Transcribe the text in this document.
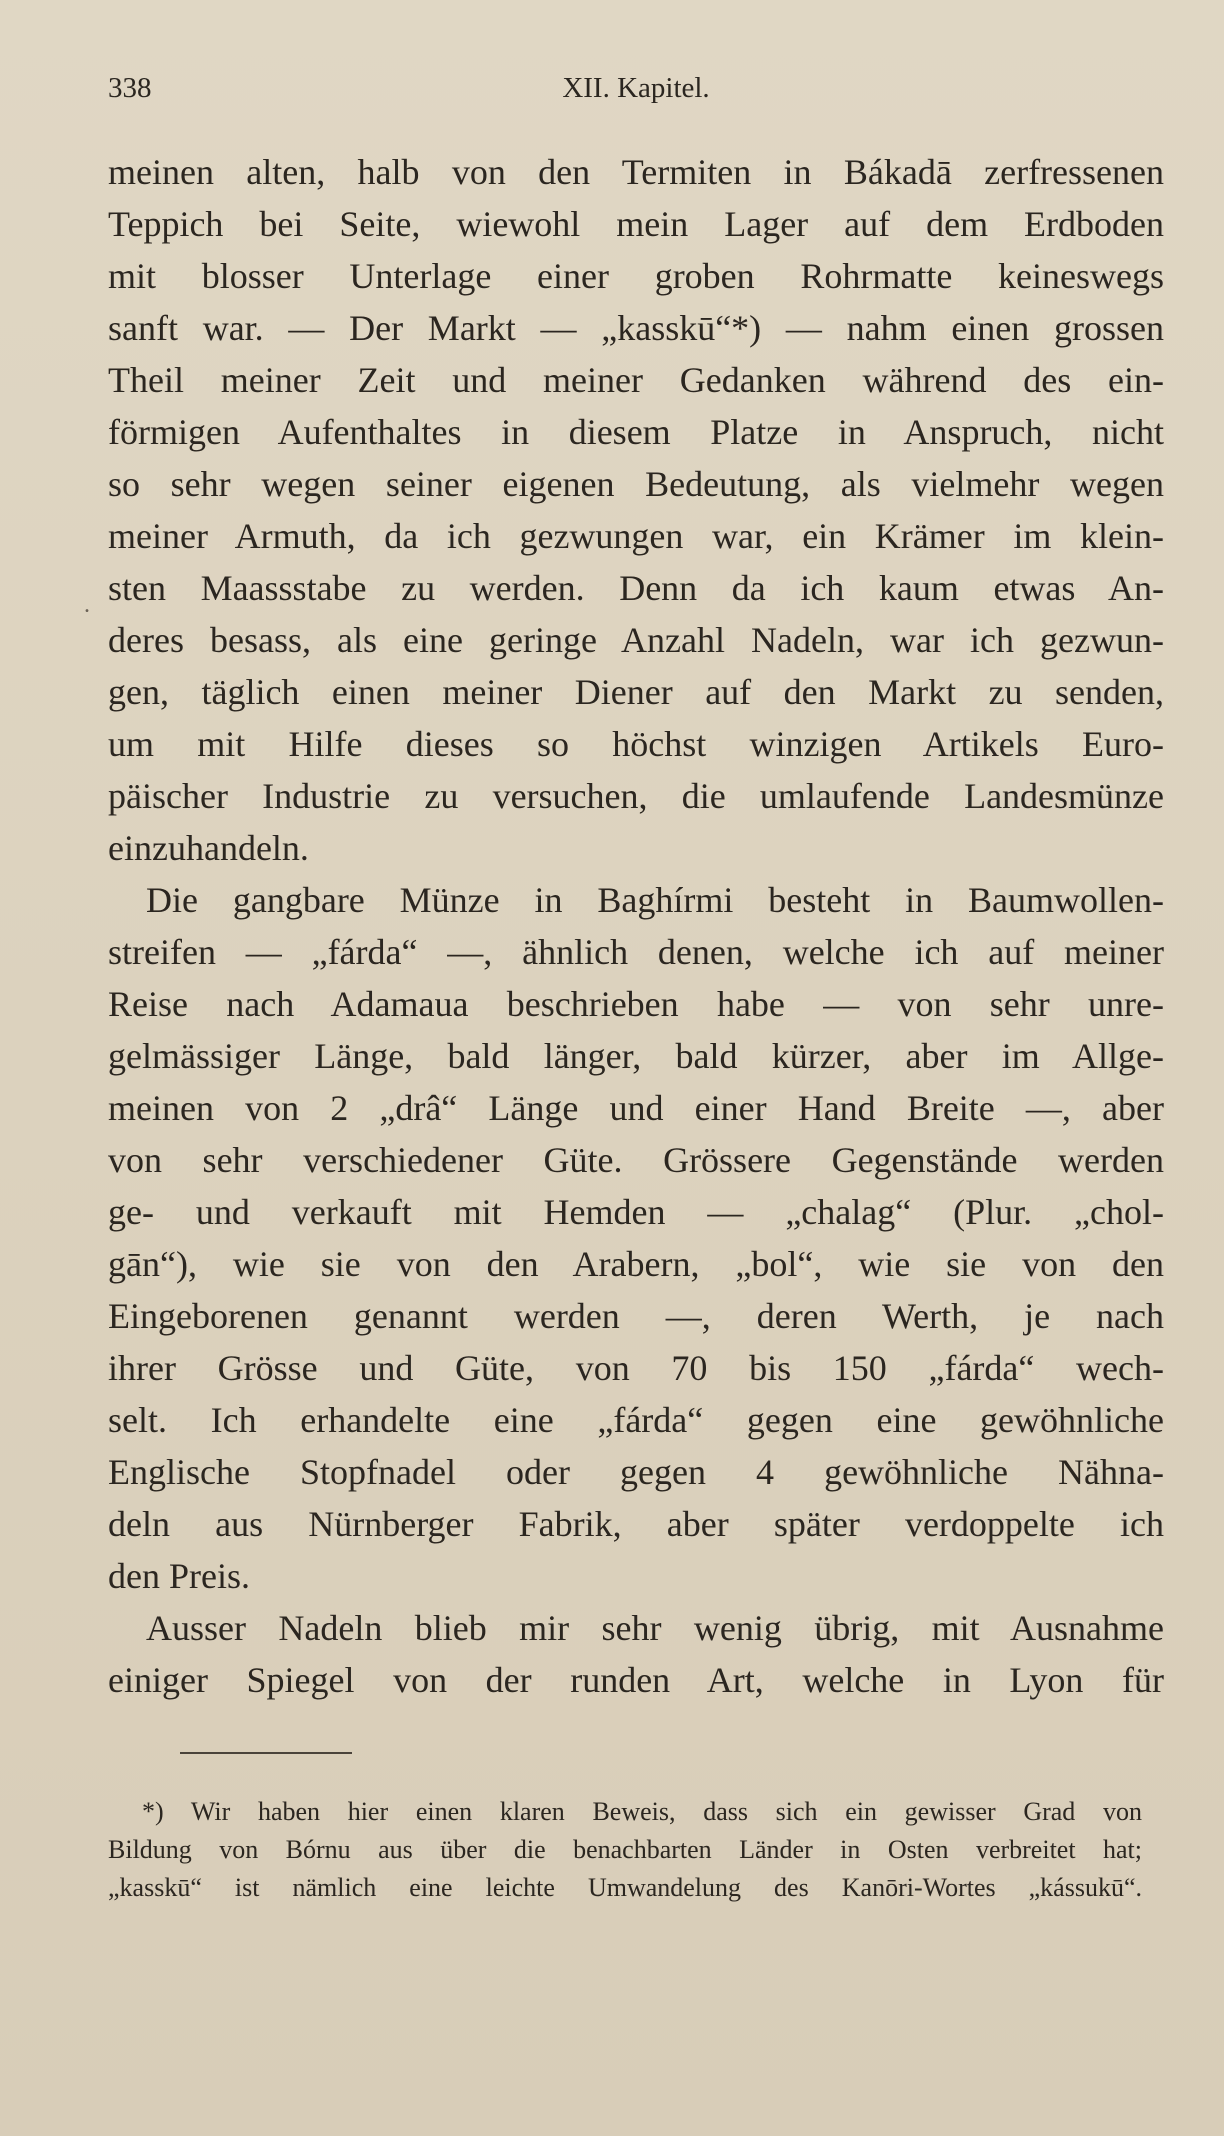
338	XII. Kapitel.
.
meinen alten, halb von den Termiten in Bákadā zerfressenen
Teppich bei Seite, wiewohl mein Lager auf dem Erdboden
mit blosser Unterlage einer groben Rohrmatte keineswegs
sanft war. — Der Markt — „kasskū“*) — nahm einen grossen
Theil meiner Zeit und meiner Gedanken während des ein-
förmigen Aufenthaltes in diesem Platze in Anspruch, nicht
so sehr wegen seiner eigenen Bedeutung, als vielmehr wegen
meiner Armuth, da ich gezwungen war, ein Krämer im klein-
sten Maassstabe zu werden. Denn da ich kaum etwas An-
deres besass, als eine geringe Anzahl Nadeln, war ich gezwun-
gen, täglich einen meiner Diener auf den Markt zu senden,
um mit Hilfe dieses so höchst winzigen Artikels Euro-
päischer Industrie zu versuchen, die umlaufende Landesmünze
einzuhandeln.
Die gangbare Münze in Baghírmi besteht in Baumwollen-
streifen — „fárda“ —, ähnlich denen, welche ich auf meiner
Reise nach Adamaua beschrieben habe — von sehr unre-
gelmässiger Länge, bald länger, bald kürzer, aber im Allge-
meinen von 2 „drâ“ Länge und einer Hand Breite —, aber
von sehr verschiedener Güte. Grössere Gegenstände werden
ge- und verkauft mit Hemden — „chalag“ (Plur. „chol-
gān“), wie sie von den Arabern, „bol“, wie sie von den
Eingeborenen genannt werden —, deren Werth, je nach
ihrer Grösse und Güte, von 70 bis 150 „fárda“ wech-
selt. Ich erhandelte eine „fárda“ gegen eine gewöhnliche
Englische Stopfnadel oder gegen 4 gewöhnliche Nähna-
deln aus Nürnberger Fabrik, aber später verdoppelte ich
den Preis.
Ausser Nadeln blieb mir sehr wenig übrig, mit Ausnahme
einiger Spiegel von der runden Art, welche in Lyon für
*) Wir haben hier einen klaren Beweis, dass sich ein gewisser Grad von
Bildung von Bórnu aus über die benachbarten Länder in Osten verbreitet hat;
„kasskū“ ist nämlich eine leichte Umwandelung des Kanōri-Wortes „kássukū“.
